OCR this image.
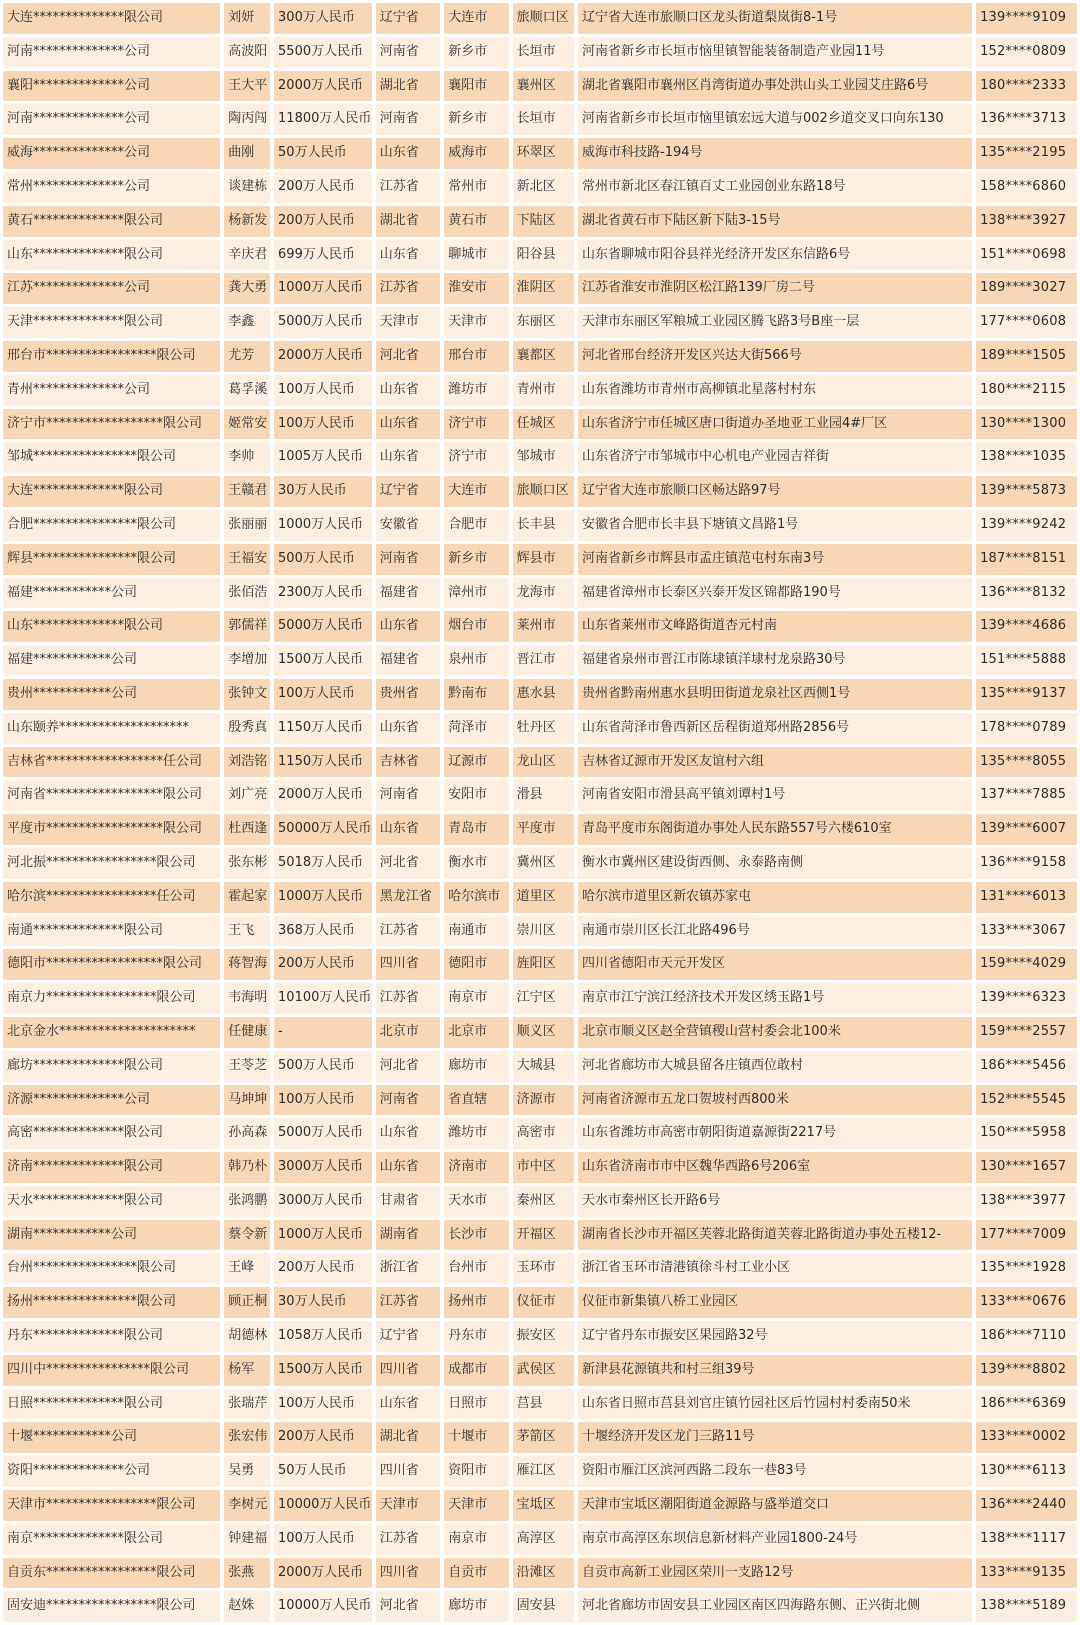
大连**************限公司	刘妍	300万人民币	辽宁省	大连市	旅顺口区	辽宁省大连市旅顺口区龙头街道梨岚街8-1号	139****9109
河南**************公司	高波阳	5500万人民币	河南省	新乡市	长垣市	河南省新乡市长垣市恼里镇智能装备制造产业园11号	152****0809
襄阳**************公司	王大平	2000万人民币	湖北省	襄阳市	襄州区	湖北省襄阳市襄州区肖湾街道办事处洪山头工业园艾庄路6号	180****2333
河南**************公司	陶丙闯	11800万人民币	河南省	新乡市	长垣市	河南省新乡市长垣市恼里镇宏远大道与002乡道交叉口向东130	136****3713
威海**************公司	曲刚	50万人民币	山东省	威海市	环翠区	威海市科技路-194号	135****2195
常州**************公司	谈建栋	200万人民币	江苏省	常州市	新北区	常州市新北区春江镇百丈工业园创业东路18号	158****6860
黄石**************限公司	杨新发	200万人民币	湖北省	黄石市	下陆区	湖北省黄石市下陆区新下陆3-15号	138****3927
山东**************限公司	辛庆君	699万人民币	山东省	聊城市	阳谷县	山东省聊城市阳谷县祥光经济开发区东信路6号	151****0698
江苏**************公司	龚大勇	1000万人民币	江苏省	淮安市	淮阴区	江苏省淮安市淮阴区松江路139厂房二号	189****3027
天津**************限公司	李鑫	5000万人民币	天津市	天津市	东丽区	天津市东丽区军粮城工业园区腾飞路3号B座一层	177****0608
邢台市*****************限公司	尤芳	2000万人民币	河北省	邢台市	襄都区	河北省邢台经济开发区兴达大街566号	189****1505
青州**************公司	葛孚溪	100万人民币	山东省	潍坊市	青州市	山东省潍坊市青州市高柳镇北星落村村东	180****2115
济宁市******************限公司	姬常安	100万人民币	山东省	济宁市	任城区	山东省济宁市任城区唐口街道办圣地亚工业园4#厂区	130****1300
邹城****************限公司	李帅	1005万人民币	山东省	济宁市	邹城市	山东省济宁市邹城市中心机电产业园吉祥街	138****1035
大连**************限公司	王赣君	30万人民币	辽宁省	大连市	旅顺口区	辽宁省大连市旅顺口区畅达路97号	139****5873
合肥****************限公司	张丽丽	1000万人民币	安徽省	合肥市	长丰县	安徽省合肥市长丰县下塘镇文昌路1号	139****9242
辉县****************限公司	王福安	500万人民币	河南省	新乡市	辉县市	河南省新乡市辉县市孟庄镇范屯村东南3号	187****8151
福建************公司	张佰浩	2300万人民币	福建省	漳州市	龙海市	福建省漳州市长泰区兴泰开发区锦都路190号	136****8132
山东**************限公司	郭儒祥	5000万人民币	山东省	烟台市	莱州市	山东省莱州市文峰路街道杏元村南	139****4686
福建************公司	李增加	1500万人民币	福建省	泉州市	晋江市	福建省泉州市晋江市陈埭镇洋埭村龙泉路30号	151****5888
贵州************公司	张钟文	100万人民币	贵州省	黔南布	惠水县	贵州省黔南州惠水县明田街道龙泉社区西侧1号	135****9137
山东颐养********************	殷秀真	1150万人民币	山东省	菏泽市	牡丹区	山东省菏泽市鲁西新区岳程街道郑州路2856号	178****0789
吉林省******************任公司	刘浩铭	1150万人民币	吉林省	辽源市	龙山区	吉林省辽源市开发区友谊村六组	135****8055
河南省******************限公司	刘广亮	2000万人民币	河南省	安阳市	滑县	河南省安阳市滑县高平镇刘谭村1号	137****7885
平度市******************限公司	杜西逢	50000万人民币	山东省	青岛市	平度市	青岛平度市东阁街道办事处人民东路557号六楼610室	139****6007
河北振*****************限公司	张东彬	5018万人民币	河北省	衡水市	冀州区	衡水市冀州区建设街西侧、永泰路南侧	136****9158
哈尔滨*****************任公司	霍起家	1000万人民币	黑龙江省	哈尔滨市	道里区	哈尔滨市道里区新农镇苏家屯	131****6013
南通**************限公司	王飞	368万人民币	江苏省	南通市	崇川区	南通市崇川区长江北路496号	133****3067
德阳市******************限公司	蒋智海	200万人民币	四川省	德阳市	旌阳区	四川省德阳市天元开发区	159****4029
南京力*****************限公司	韦海明	10100万人民币	江苏省	南京市	江宁区	南京市江宁滨江经济技术开发区绣玉路1号	139****6323
北京金水*********************	任健康	-	北京市	北京市	顺义区	北京市顺义区赵全营镇稷山营村委会北100米	159****2557
廊坊**************限公司	王苓芝	500万人民币	河北省	廊坊市	大城县	河北省廊坊市大城县留各庄镇西位敢村	186****5456
济源**************公司	马坤坤	100万人民币	河南省	省直辖	济源市	河南省济源市五龙口贺坡村西800米	152****5545
高密**************限公司	孙高森	5000万人民币	山东省	潍坊市	高密市	山东省潍坊市高密市朝阳街道嘉源街2217号	150****5958
济南**************限公司	韩乃朴	3000万人民币	山东省	济南市	市中区	山东省济南市市中区魏华西路6号206室	130****1657
天水**************限公司	张鸿鹏	3000万人民币	甘肃省	天水市	秦州区	天水市秦州区长开路6号	138****3977
湖南************公司	蔡令新	1000万人民币	湖南省	长沙市	开福区	湖南省长沙市开福区芙蓉北路街道芙蓉北路街道办事处五楼12-	177****7009
台州****************限公司	王峰	200万人民币	浙江省	台州市	玉环市	浙江省玉环市清港镇徐斗村工业小区	135****1928
扬州****************限公司	顾正桐	30万人民币	江苏省	扬州市	仪征市	仪征市新集镇八桥工业园区	133****0676
丹东**************限公司	胡德林	1058万人民币	辽宁省	丹东市	振安区	辽宁省丹东市振安区果园路32号	186****7110
四川中****************限公司	杨军	1500万人民币	四川省	成都市	武侯区	新津县花源镇共和村三组39号	139****8802
日照**************限公司	张瑞芹	100万人民币	山东省	日照市	莒县	山东省日照市莒县刘官庄镇竹园社区后竹园村村委南50米	186****6369
十堰************公司	张宏伟	200万人民币	湖北省	十堰市	茅箭区	十堰经济开发区龙门三路11号	133****0002
资阳**************公司	吴勇	50万人民币	四川省	资阳市	雁江区	资阳市雁江区滨河西路二段东一巷83号	130****6113
天津市*****************限公司	李树元	10000万人民币	天津市	天津市	宝坻区	天津市宝坻区潮阳街道金源路与盛举道交口	136****2440
南京**************限公司	钟建福	100万人民币	江苏省	南京市	高淳区	南京市高淳区东坝信息新材料产业园1800-24号	138****1117
自贡东*****************限公司	张燕	2000万人民币	四川省	自贡市	沿滩区	自贡市高新工业园区荣川一支路12号	133****9135
固安迪*****************限公司	赵姝	10000万人民币	河北省	廊坊市	固安县	河北省廊坊市固安县工业园区南区四海路东侧、正兴街北侧	138****5189
